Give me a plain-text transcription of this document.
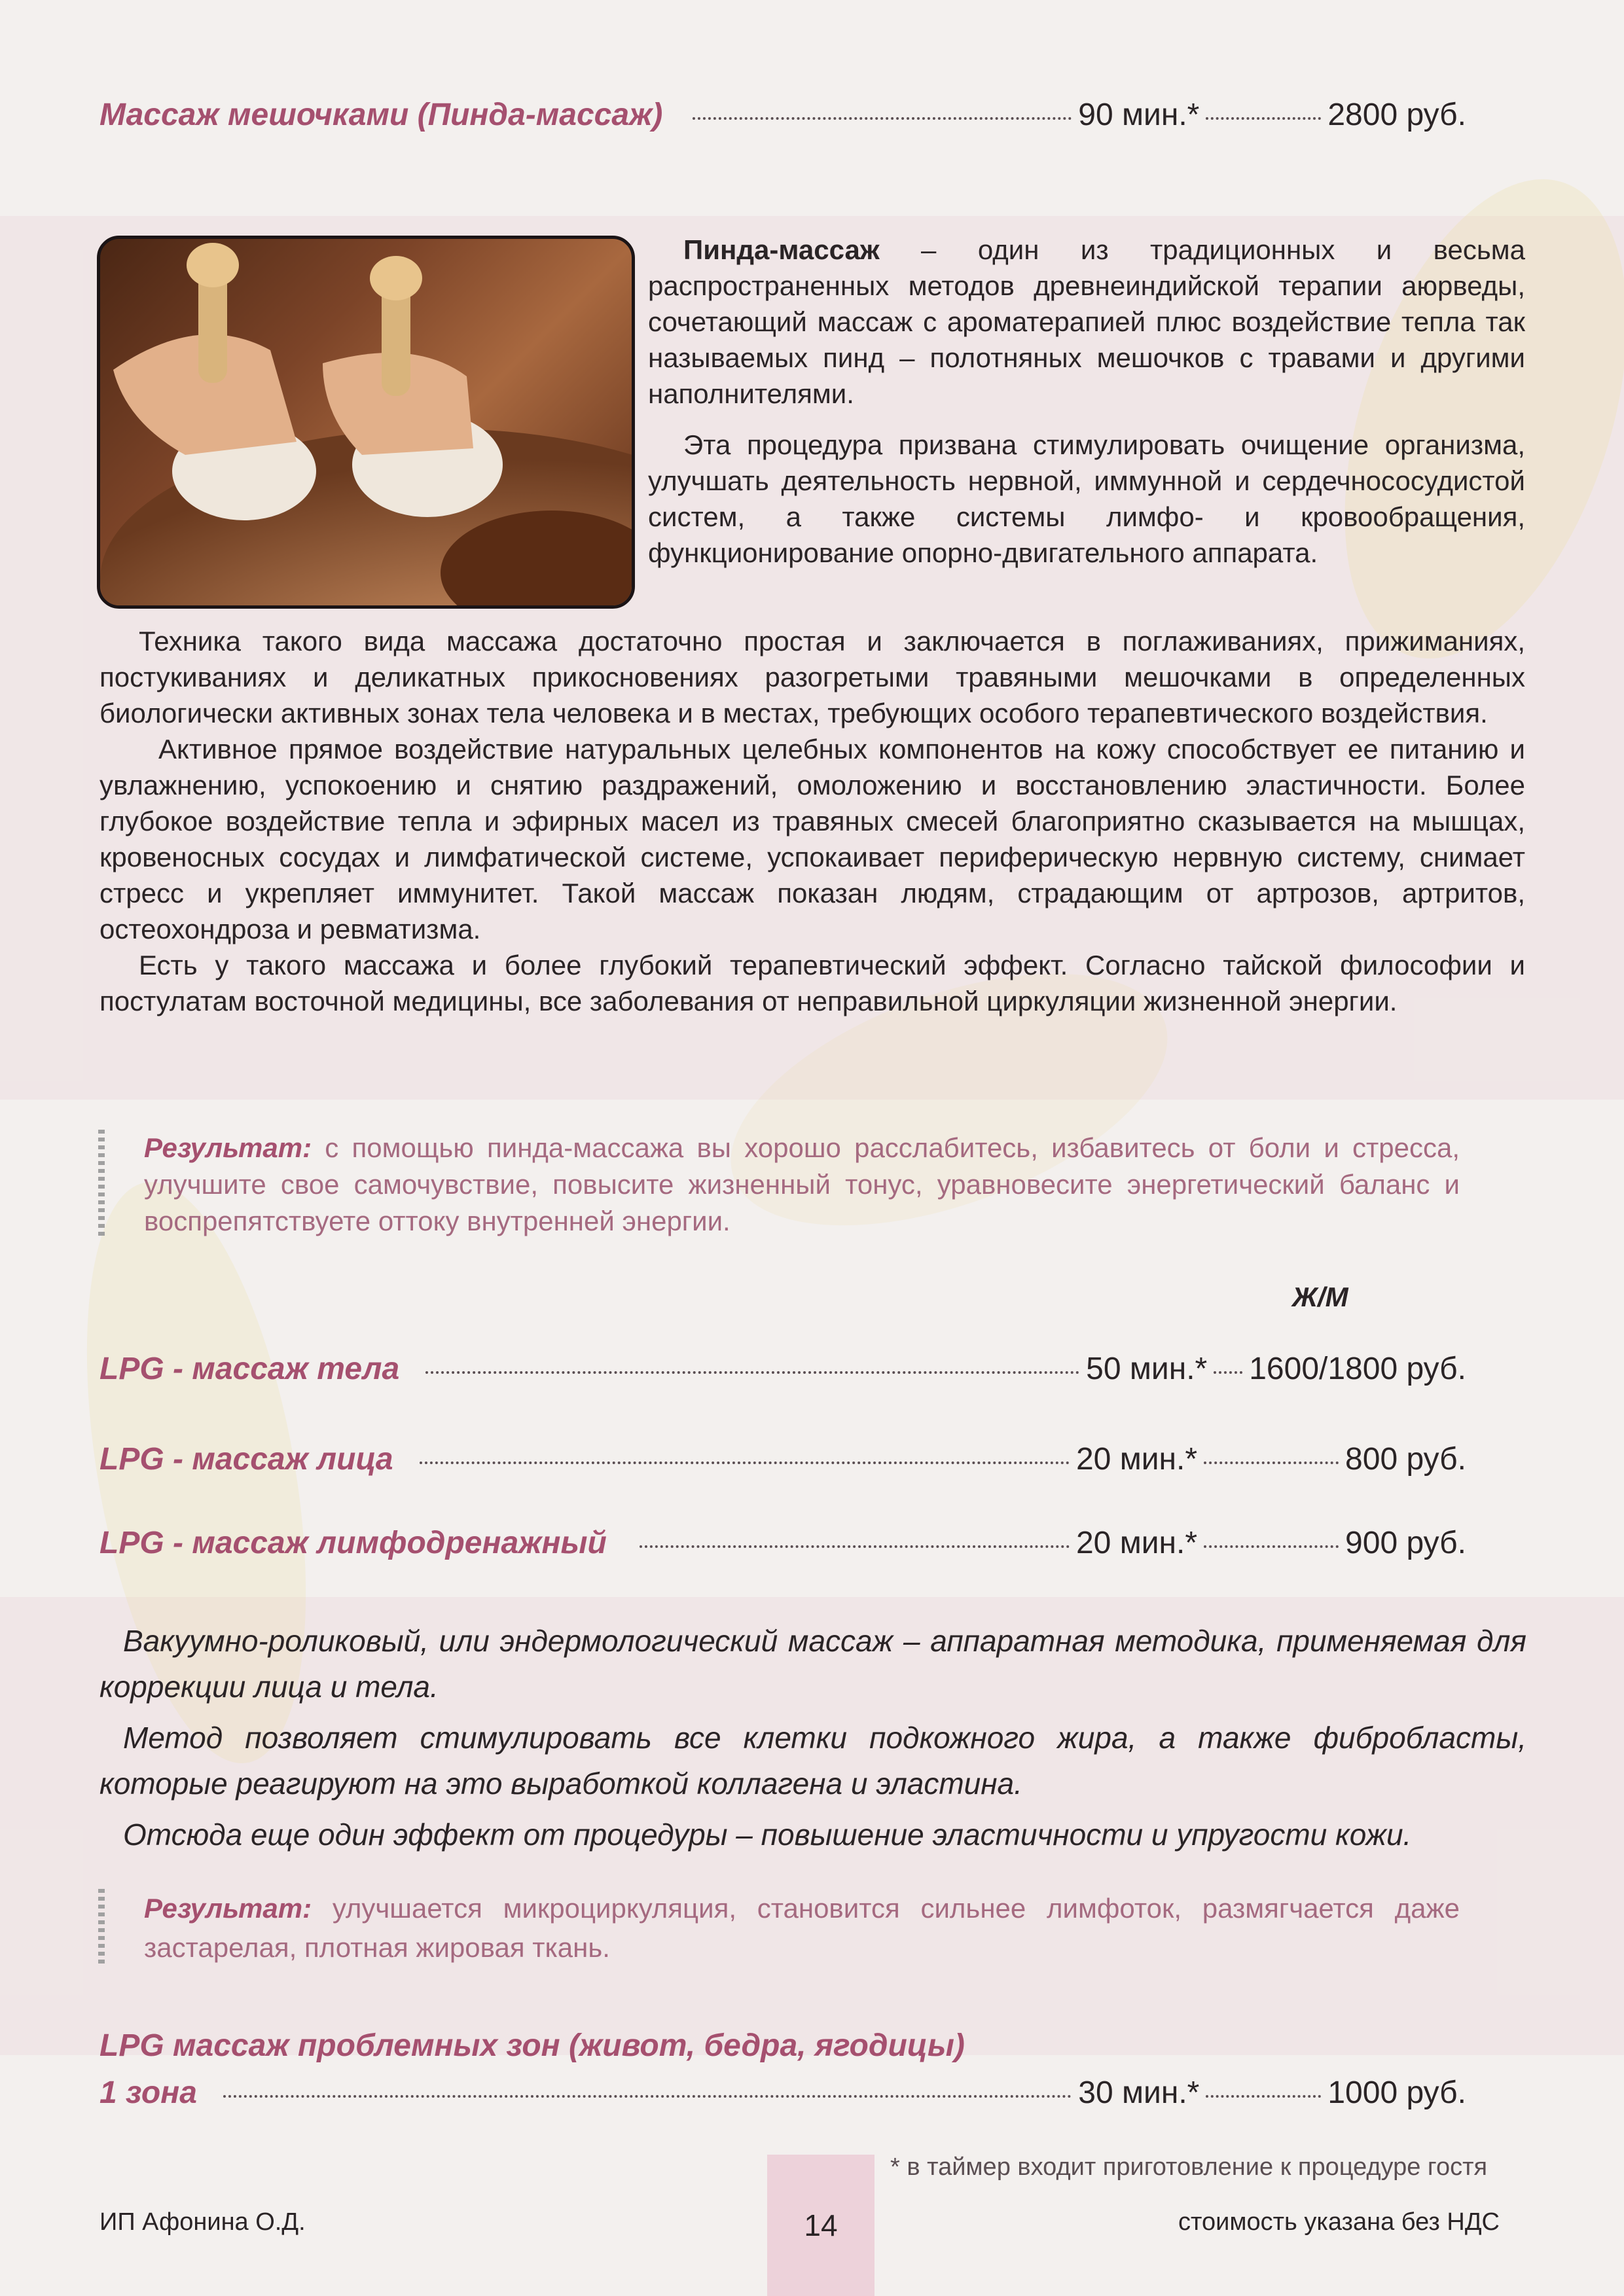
Массаж мешочками (Пинда-массаж)	90 мин.*	2800 руб.

Пинда-массаж – один из традиционных и весьма распространенных методов древнеиндийской терапии аюрведы, сочетающий массаж с ароматерапией плюс воздействие тепла так называемых пинд – полотняных мешочков с травами и другими наполнителями.

Эта процедура призвана стимулировать очищение организма, улучшать деятельность нервной, иммунной и сердечнососудистой систем, а также системы лимфо- и кровообращения, функционирование опорно-двигательного аппарата.

Техника такого вида массажа достаточно простая и заключается в поглаживаниях, прижиманиях, постукиваниях и деликатных прикосновениях разогретыми травяными мешочками в определенных биологически активных зонах тела человека и в местах, требующих особого терапевтического воздействия.
Активное прямое воздействие натуральных целебных компонентов на кожу способствует ее питанию и увлажнению, успокоению и снятию раздражений, омоложению и восстановлению эластичности. Более глубокое воздействие тепла и эфирных масел из травяных смесей благоприятно сказывается на мышцах, кровеносных сосудах и лимфатической системе, успокаивает периферическую нервную систему, снимает стресс и укрепляет иммунитет. Такой массаж показан людям, страдающим от артрозов, артритов, остеохондроза и ревматизма.
Есть у такого массажа и более глубокий терапевтический эффект. Согласно тайской философии и постулатам восточной медицины, все заболевания от неправильной циркуляции жизненной энергии.

Результат: с помощью пинда-массажа вы хорошо расслабитесь, избавитесь от боли и стресса, улучшите свое самочувствие, повысите жизненный тонус, уравновесите энергетический баланс и воспрепятствуете оттоку внутренней энергии.

Ж/М
LPG - массаж тела	50 мин.* 1600/1800 руб.
LPG - массаж лица	20 мин.*	800 руб.
LPG - массаж лимфодренажный	20 мин.*	900 руб.
Вакуумно-роликовый, или эндермологический массаж – аппаратная методика, применяемая для коррекции лица и тела.
Метод позволяет стимулировать все клетки подкожного жира, а также фибробласты, которые реагируют на это выработкой коллагена и эластина.
Отсюда еще один эффект от процедуры – повышение эластичности и упругости кожи.

Результат: улучшается микроциркуляция, становится сильнее лимфоток, размягчается даже застарелая, плотная жировая ткань.

LPG массаж проблемных зон (живот, бедра, ягодицы)
1 зона	30 мин.*	1000 руб.
14
* в таймер входит приготовление к процедуре гостя
ИП Афонина О.Д.	стоимость указана без НДС
